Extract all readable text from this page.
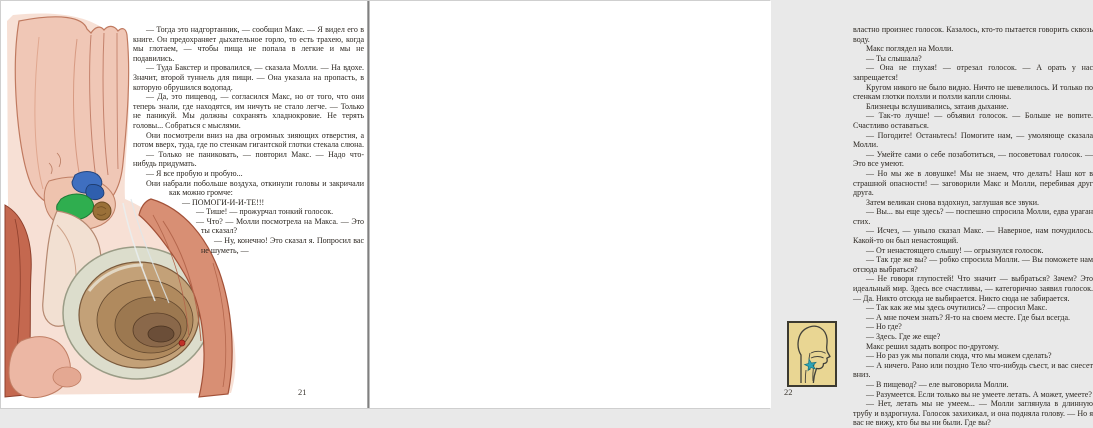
— Тогда это надгортанник, — сообщил Макс. — Я видел его в книге. Он предохраняет дыхательное горло, то есть трахею, когда мы глотаем, — чтобы пища не попала в легкие и мы не подавились.

— Туда Бакстер и провалился, — сказала Молли. — На вдохе. Значит, второй туннель для пищи. — Она указала на пропасть, в которую обрушился водопад.

— Да, это пищевод, — согласился Макс, но от того, что они теперь знали, где находятся, им ничуть не стало легче. — Только не паникуй. Мы должны сохранять хладнокровие. Не терять головы... Собраться с мыслями.

Они посмотрели вниз на два огромных зияющих отверстия, а потом вверх, туда, где по стенкам гигантской глотки стекала слюна.

— Только не паниковать, — повторил Макс. — Надо что-нибудь придумать.

— Я все пробую и пробую...

Они набрали побольше воздуха, откинули головы и закричали как можно громче:

— ПОМОГИ-И-И-ТЕ!!!

— Тише! — прожурчал тонкий голосок.

— Что? — Молли посмотрела на Макса. — Это ты сказал?

— Ну, конечно! Это сказал я. Попросил вас не шуметь, —

21

властно произнес голосок. Казалось, кто-то пытается говорить сквозь воду.

Макс поглядел на Молли.

— Ты слышала?

— Она не глухая! — отрезал голосок. — А орать у нас запрещается!

Кругом никого не было видно. Ничто не шевелилось. И только по стенкам глотки ползли и ползли капли слюны.

Близнецы вслушивались, затаив дыхание.

— Так-то лучше! — объявил голосок. — Больше не вопите. Счастливо оставаться.

— Погодите! Останьтесь! Помогите нам, — умоляюще сказала Молли.

— Умейте сами о себе позаботиться, — посоветовал голосок. — Это все умеют.

— Но мы же в ловушке! Мы не знаем, что делать! Наш кот в страшной опасности! — заговорили Макс и Молли, перебивая друг друга.

Затем великан снова вздохнул, заглушая все звуки.

— Вы... вы еще здесь? — поспешно спросила Молли, едва ураган стих.

— Исчез, — уныло сказал Макс. — Наверное, нам почудилось. Какой-то он был ненастоящий.

— От ненастоящего слышу! — огрызнулся голосок.

— Так где же вы? — робко спросила Молли. — Вы поможете нам отсюда выбраться?

— Не говори глупостей! Что значит — выбраться? Зачем? Это идеальный мир. Здесь все счастливы, — категорично заявил голосок. — Да. Никто отсюда не выбирается. Никто сюда не забирается.

— Так как же мы здесь очутились? — спросил Макс.

— А мне почем знать? Я-то на своем месте. Где был всегда.

— Но где?

— Здесь. Где же еще?

Макс решил задать вопрос по-другому.

— Но раз уж мы попали сюда, что мы можем сделать?

— А ничего. Рано или поздно Тело что-нибудь съест, и вас снесет вниз.

— В пищевод? — еле выговорила Молли.

— Разумеется. Если только вы не умеете летать. А может, умеете?

— Нет, летать мы не умеем... — Молли заглянула в длинную трубу и вздрогнула. Голосок захихикал, и она подняла голову. — Но я вас не вижу, кто бы вы ни были. Где вы?

22
